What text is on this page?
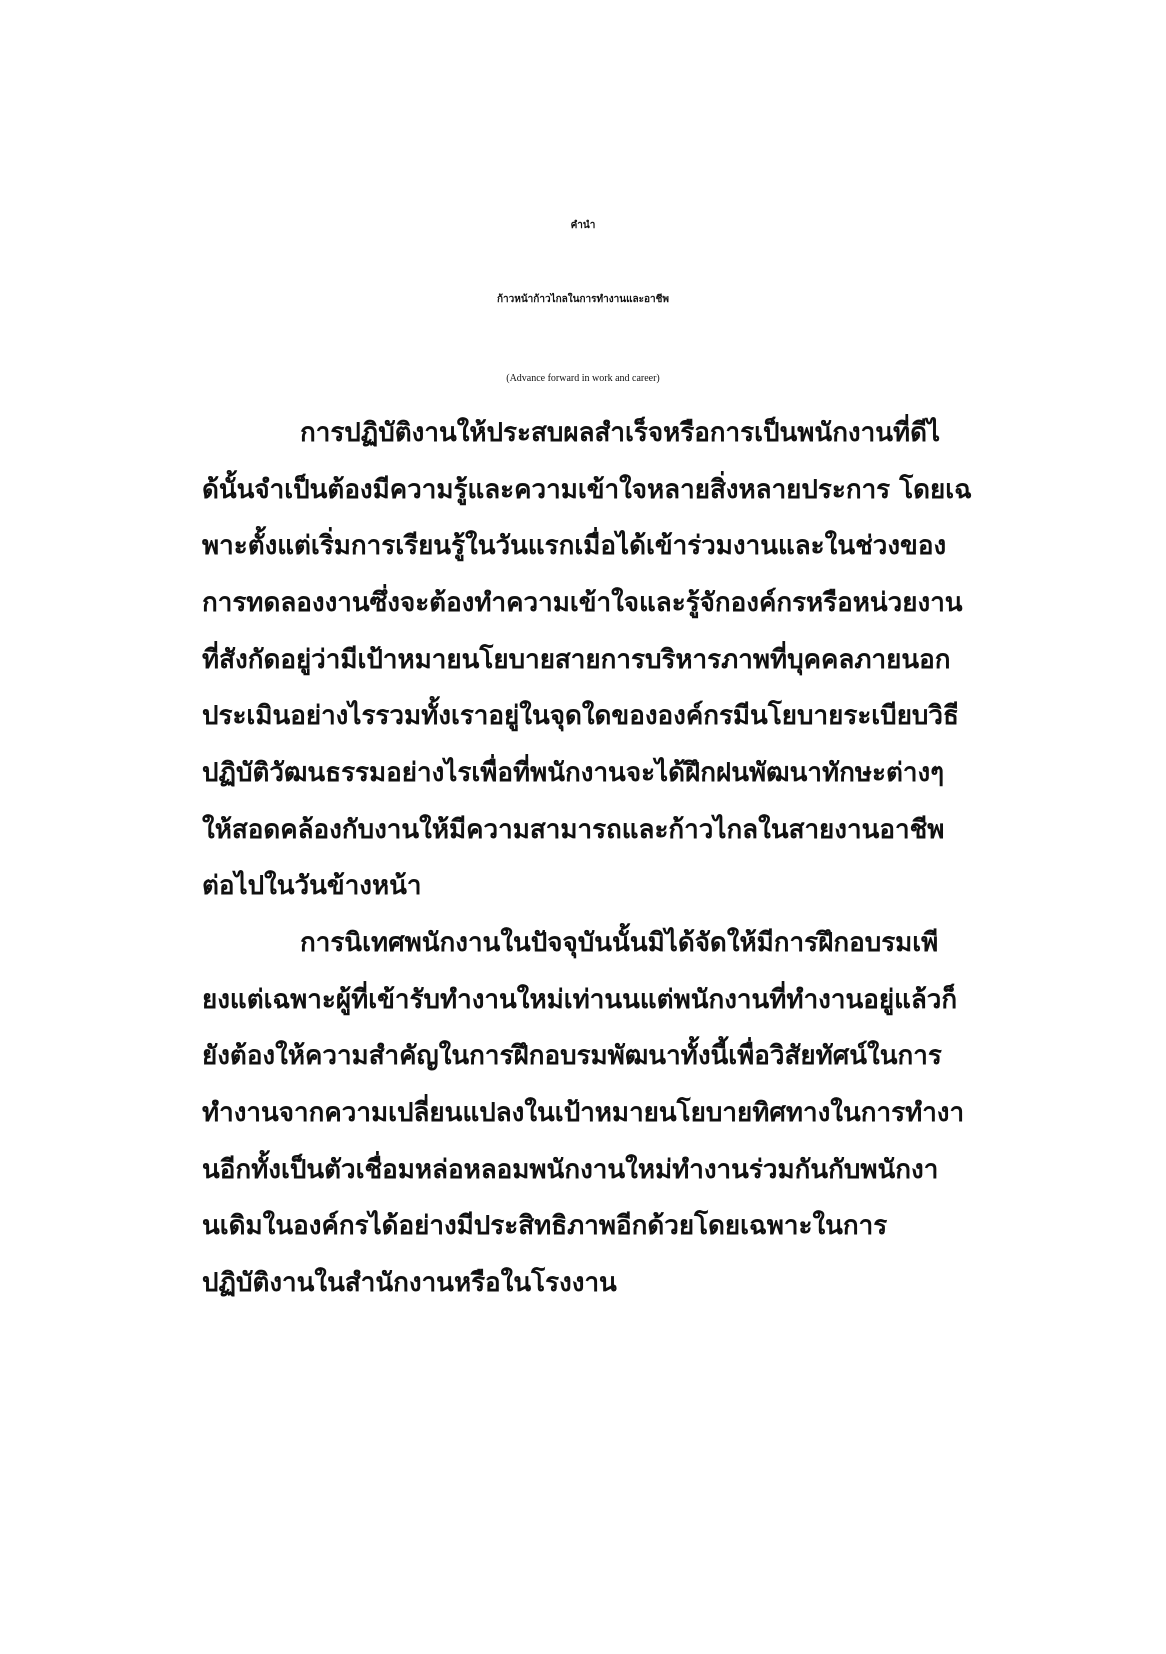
คำนำ
ก้าวหน้าก้าวไกลในการทำงานและอาชีพ
(Advance forward in work and career)
การปฏิบัติงานให้ประสบผลสำเร็จหรือการเป็นพนักงานที่ดีไ
ด้นั้นจำเป็นต้องมีความรู้และความเข้าใจหลายสิ่งหลายประการ โดยเฉ
พาะตั้งแต่เริ่มการเรียนรู้ในวันแรกเมื่อได้เข้าร่วมงานและในช่วงของ
การทดลองงานซึ่งจะต้องทำความเข้าใจและรู้จักองค์กรหรือหน่วยงาน
ที่สังกัดอยู่ว่ามีเป้าหมายนโยบายสายการบริหารภาพที่บุคคลภายนอก
ประเมินอย่างไรรวมทั้งเราอยู่ในจุดใดขององค์กรมีนโยบายระเบียบวิธี
ปฏิบัติวัฒนธรรมอย่างไรเพื่อที่พนักงานจะได้ฝึกฝนพัฒนาทักษะต่างๆ
ให้สอดคล้องกับงานให้มีความสามารถและก้าวไกลในสายงานอาชีพ
ต่อไปในวันข้างหน้า
การนิเทศพนักงานในปัจจุบันนั้นมิได้จัดให้มีการฝึกอบรมเพี
ยงแต่เฉพาะผู้ที่เข้ารับทำงานใหม่เท่านนแต่พนักงานที่ทำงานอยู่แล้วก็
ยังต้องให้ความสำคัญในการฝึกอบรมพัฒนาทั้งนี้เพื่อวิสัยทัศน์ในการ
ทำงานจากความเปลี่ยนแปลงในเป้าหมายนโยบายทิศทางในการทำงา
นอีกทั้งเป็นตัวเชื่อมหล่อหลอมพนักงานใหม่ทำงานร่วมกันกับพนักงา
นเดิมในองค์กรได้อย่างมีประสิทธิภาพอีกด้วยโดยเฉพาะในการ
ปฏิบัติงานในสำนักงานหรือในโรงงาน
